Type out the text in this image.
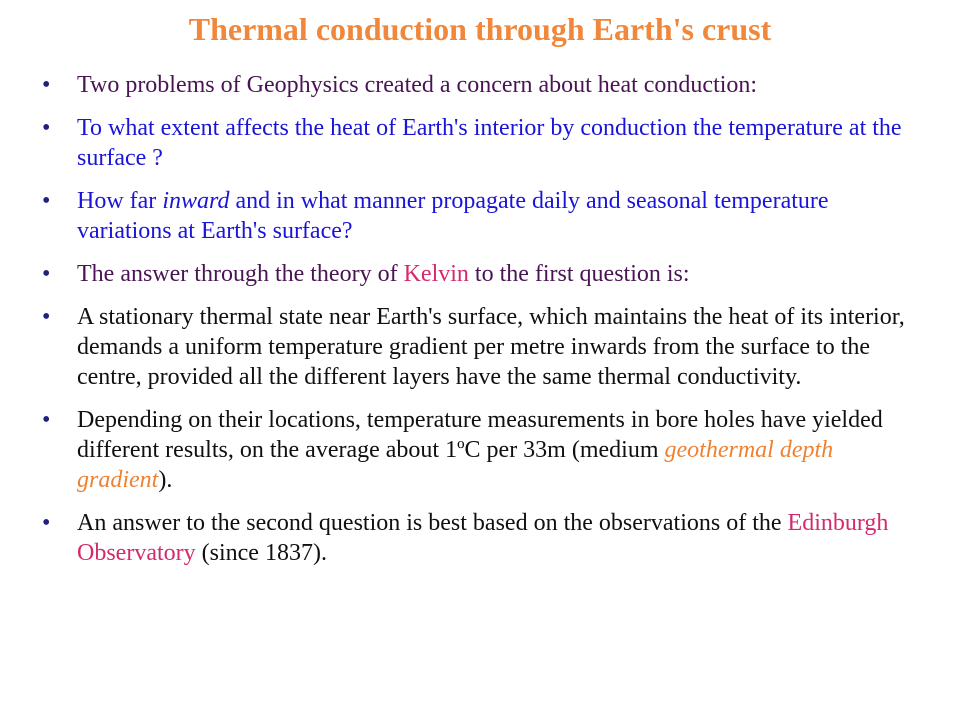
Thermal conduction through Earth's crust
• Two problems of Geophysics created a concern about heat conduction:
• To what extent affects the heat of Earth's interior by conduction the temperature at the surface ?
• How far inward and in what manner propagate daily and seasonal temperature variations at Earth's surface?
• The answer through the theory of Kelvin to the first question is:
• A stationary thermal state near Earth's surface, which maintains the heat of its interior, demands a uniform temperature gradient per metre inwards from the surface to the centre, provided all the different layers have the same thermal conductivity.
• Depending on their locations, temperature measurements in bore holes have yielded different results, on the average about 1ºC per 33m (medium geothermal depth gradient).
• An answer to the second question is best based on the observations of the Edinburgh Observatory (since 1837).
